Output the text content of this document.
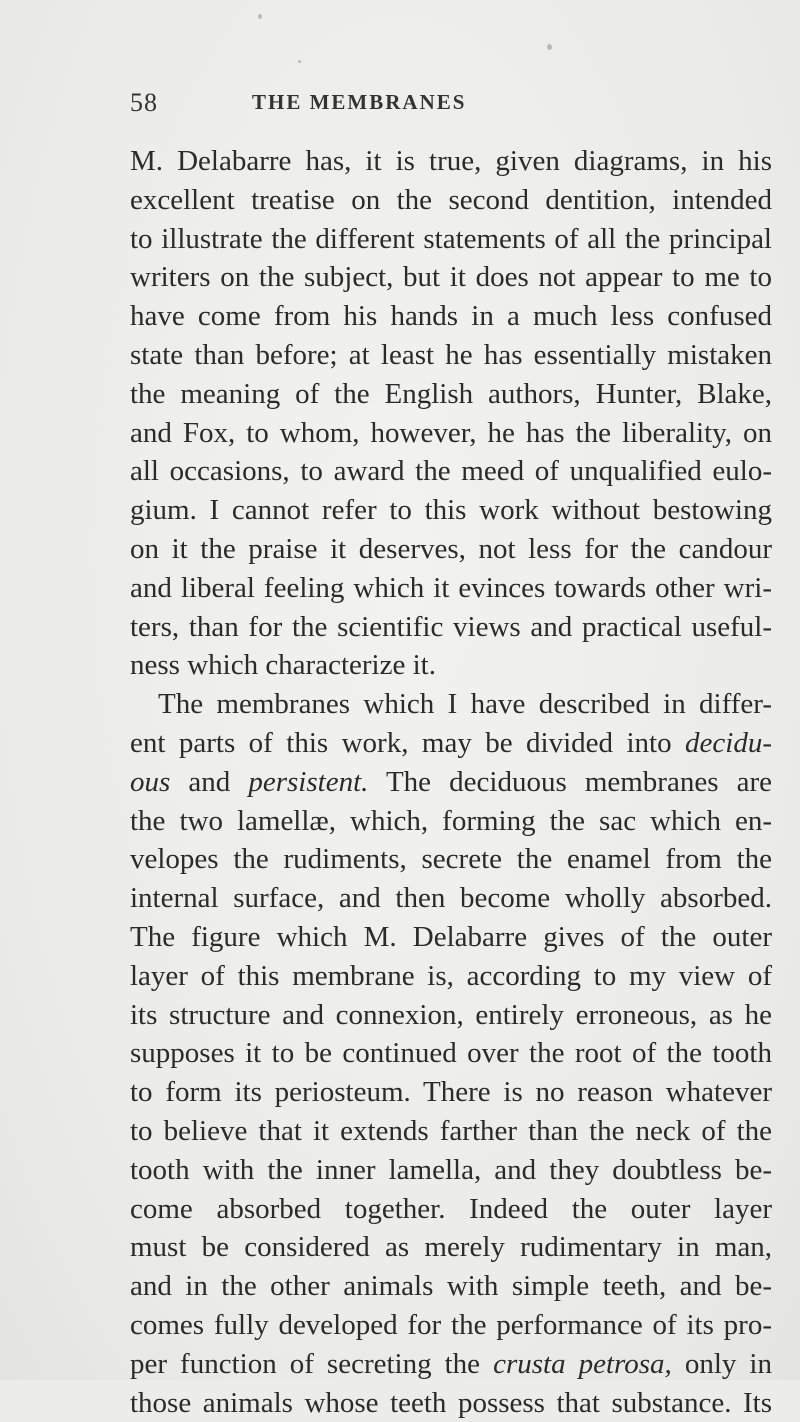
58	THE MEMBRANES
M. Delabarre has, it is true, given diagrams, in his
excellent treatise on the second dentition, intended
to illustrate the different statements of all the principal
writers on the subject, but it does not appear to me to
have come from his hands in a much less confused
state than before; at least he has essentially mistaken
the meaning of the English authors, Hunter, Blake,
and Fox, to whom, however, he has the liberality, on
all occasions, to award the meed of unqualified eulo-
gium. I cannot refer to this work without bestowing
on it the praise it deserves, not less for the candour
and liberal feeling which it evinces towards other wri-
ters, than for the scientific views and practical useful-
ness which characterize it.
The membranes which I have described in differ-
ent parts of this work, may be divided into decidu-
ous and persistent. The deciduous membranes are
the two lamellæ, which, forming the sac which en-
velopes the rudiments, secrete the enamel from the
internal surface, and then become wholly absorbed.
The figure which M. Delabarre gives of the outer
layer of this membrane is, according to my view of
its structure and connexion, entirely erroneous, as he
supposes it to be continued over the root of the tooth
to form its periosteum. There is no reason whatever
to believe that it extends farther than the neck of the
tooth with the inner lamella, and they doubtless be-
come absorbed together. Indeed the outer layer
must be considered as merely rudimentary in man,
and in the other animals with simple teeth, and be-
comes fully developed for the performance of its pro-
per function of secreting the crusta petrosa, only in
those animals whose teeth possess that substance. Its
